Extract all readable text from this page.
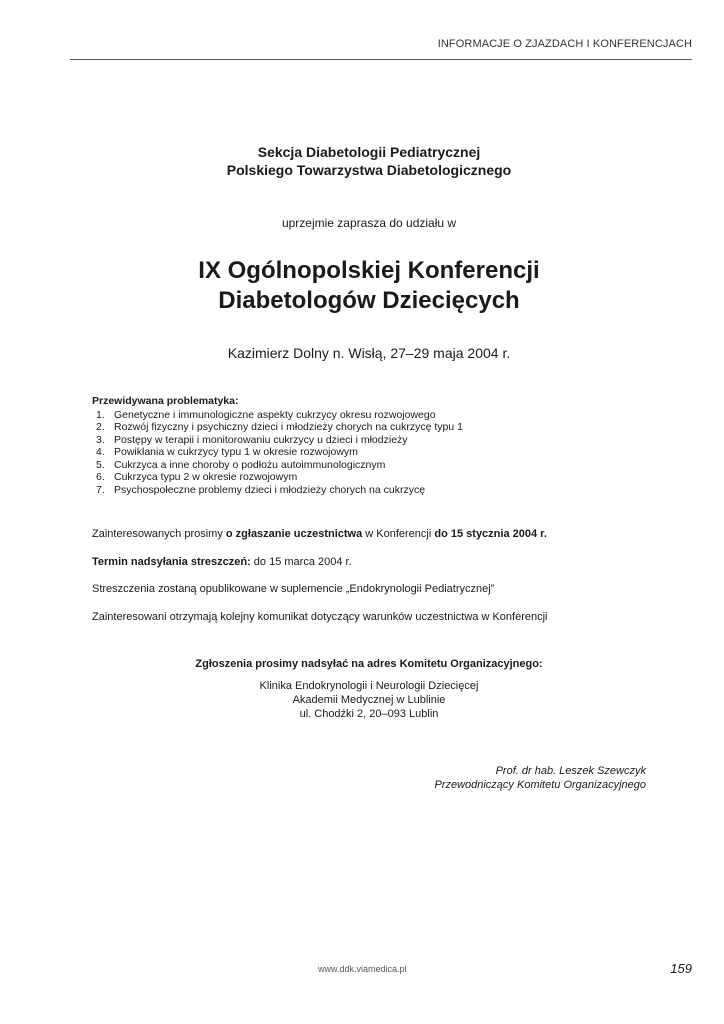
INFORMACJE O ZJAZDACH I KONFERENCJACH
Sekcja Diabetologii Pediatrycznej
Polskiego Towarzystwa Diabetologicznego
uprzejmie zaprasza do udziału w
IX Ogólnopolskiej Konferencji
Diabetologów Dziecięcych
Kazimierz Dolny n. Wisłą, 27–29 maja 2004 r.
Przewidywana problematyka:
1. Genetyczne i immunologiczne aspekty cukrzycy okresu rozwojowego
2. Rozwój fizyczny i psychiczny dzieci i młodzieży chorych na cukrzycę typu 1
3. Postępy w terapii i monitorowaniu cukrzycy u dzieci i młodzieży
4. Powikłania w cukrzycy typu 1 w okresie rozwojowym
5. Cukrzyca a inne choroby o podłożu autoimmunologicznym
6. Cukrzyca typu 2 w okresie rozwojowym
7. Psychospołeczne problemy dzieci i młodzieży chorych na cukrzycę
Zainteresowanych prosimy o zgłaszanie uczestnictwa w Konferencji do 15 stycznia 2004 r.
Termin nadsyłania streszczeń: do 15 marca 2004 r.
Streszczenia zostaną opublikowane w suplemencie „Endokrynologii Pediatrycznej”
Zainteresowani otrzymają kolejny komunikat dotyczący warunków uczestnictwa w Konferencji
Zgłoszenia prosimy nadsyłać na adres Komitetu Organizacyjnego:
Klinika Endokrynologii i Neurologii Dziecięcej
Akademii Medycznej w Lublinie
ul. Chodźki 2, 20–093 Lublin
Prof. dr hab. Leszek Szewczyk
Przewodniczący Komitetu Organizacyjnego
www.ddk.viamedica.pl	159
